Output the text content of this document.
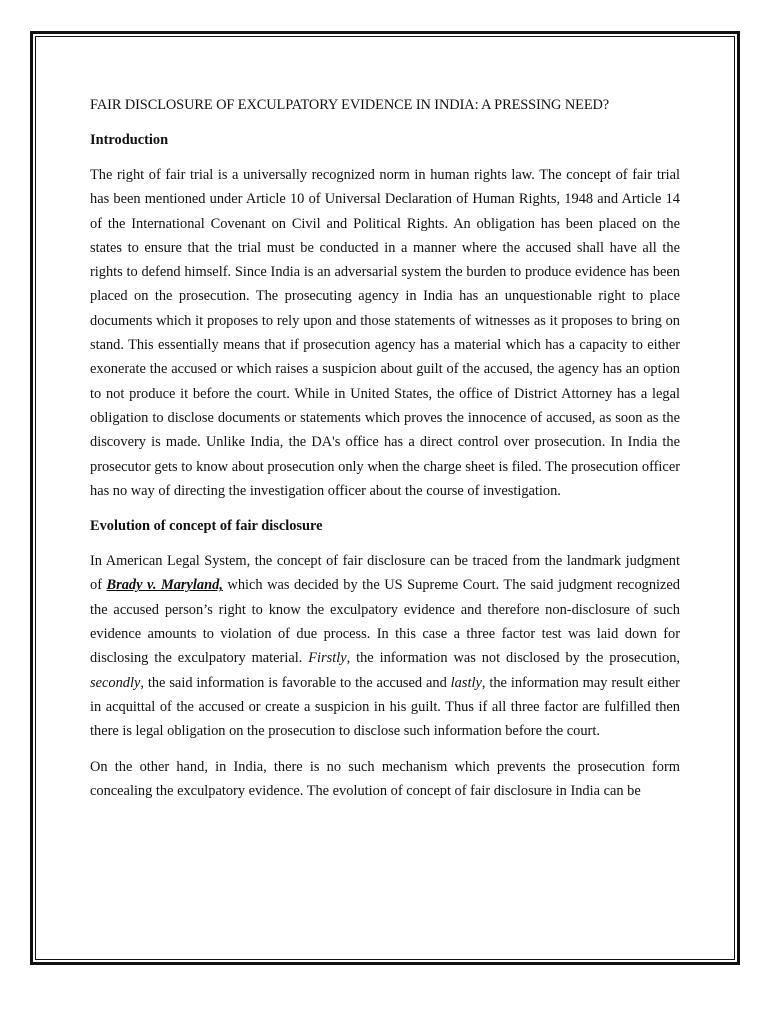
FAIR DISCLOSURE OF EXCULPATORY EVIDENCE IN INDIA: A PRESSING NEED?
Introduction

The right of fair trial is a universally recognized norm in human rights law. The concept of fair trial has been mentioned under Article 10 of Universal Declaration of Human Rights, 1948 and Article 14 of the International Covenant on Civil and Political Rights. An obligation has been placed on the states to ensure that the trial must be conducted in a manner where the accused shall have all the rights to defend himself. Since India is an adversarial system the burden to produce evidence has been placed on the prosecution. The prosecuting agency in India has an unquestionable right to place documents which it proposes to rely upon and those statements of witnesses as it proposes to bring on stand. This essentially means that if prosecution agency has a material which has a capacity to either exonerate the accused or which raises a suspicion about guilt of the accused, the agency has an option to not produce it before the court. While in United States, the office of District Attorney has a legal obligation to disclose documents or statements which proves the innocence of accused, as soon as the discovery is made. Unlike India, the DA's office has a direct control over prosecution. In India the prosecutor gets to know about prosecution only when the charge sheet is filed. The prosecution officer has no way of directing the investigation officer about the course of investigation.

Evolution of concept of fair disclosure

In American Legal System, the concept of fair disclosure can be traced from the landmark judgment of Brady v. Maryland, which was decided by the US Supreme Court. The said judgment recognized the accused person’s right to know the exculpatory evidence and therefore non-disclosure of such evidence amounts to violation of due process. In this case a three factor test was laid down for disclosing the exculpatory material. Firstly, the information was not disclosed by the prosecution, secondly, the said information is favorable to the accused and lastly, the information may result either in acquittal of the accused or create a suspicion in his guilt. Thus if all three factor are fulfilled then there is legal obligation on the prosecution to disclose such information before the court.

On the other hand, in India, there is no such mechanism which prevents the prosecution form concealing the exculpatory evidence. The evolution of concept of fair disclosure in India can be
